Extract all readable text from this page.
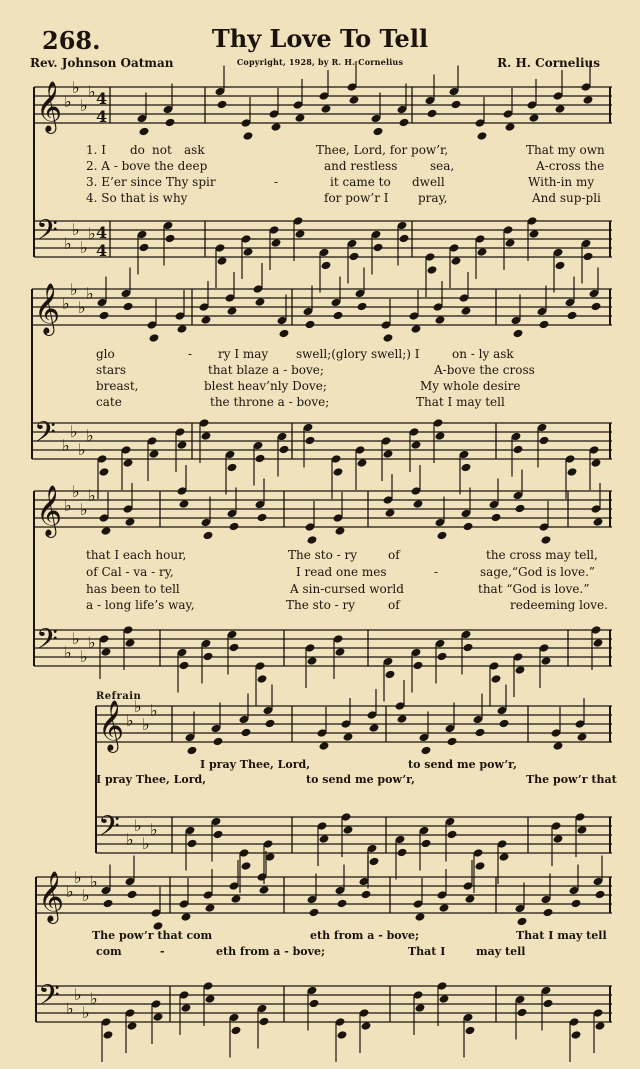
268.	Thy Love To Tell
Rev. Johnson Oatman	Copyright, 1928, by R. H. Cornelius	R. H. Cornelius
Refrain
𝄞 ♭
♭
♭
♭ 4
4
𝄢 ♭
♭
♭
♭ 4
4
𝄞 ♭
♭
♭
♭
𝄢 ♭
♭
♭
♭
𝄞 ♭
♭
♭
♭
𝄢 ♭
♭
♭
♭
𝄞 ♭
♭
♭
♭
𝄢 ♭
♭
♭
♭
𝄞 ♭
♭
♭
♭
𝄢 ♭
♭
♭
♭
1. I do not ask	Thee, Lord, for pow’r,	That my own
2. A - bove the deep	and restless	sea,	A-cross the
3. E’er since Thy spir	-	it came to dwell	With-in my
4. So that is why	for pow’r I pray,	And sup-pli
glo	- ry I may swell;(glory swell;) I	on - ly ask
stars	that blaze a - bove;	A-bove the cross
breast,	blest heav’nly Dove;	My whole desire
cate	the throne a - bove;	That I may tell
that I each hour,	The sto - ry	of	the cross may tell,
of Cal - va - ry,	I read one mes	-	sage,“God is love.”
has been to tell	A sin-cursed world	that “God is love.”
a - long life’s way,	The sto - ry	of	redeeming love.
I pray Thee, Lord,	to send me pow’r,
I pray Thee, Lord,	to send me pow’r,	The pow’r that
The pow’r that com	eth from a - bove;	That I may tell
com	-	eth from a - bove;	That I	may tell
